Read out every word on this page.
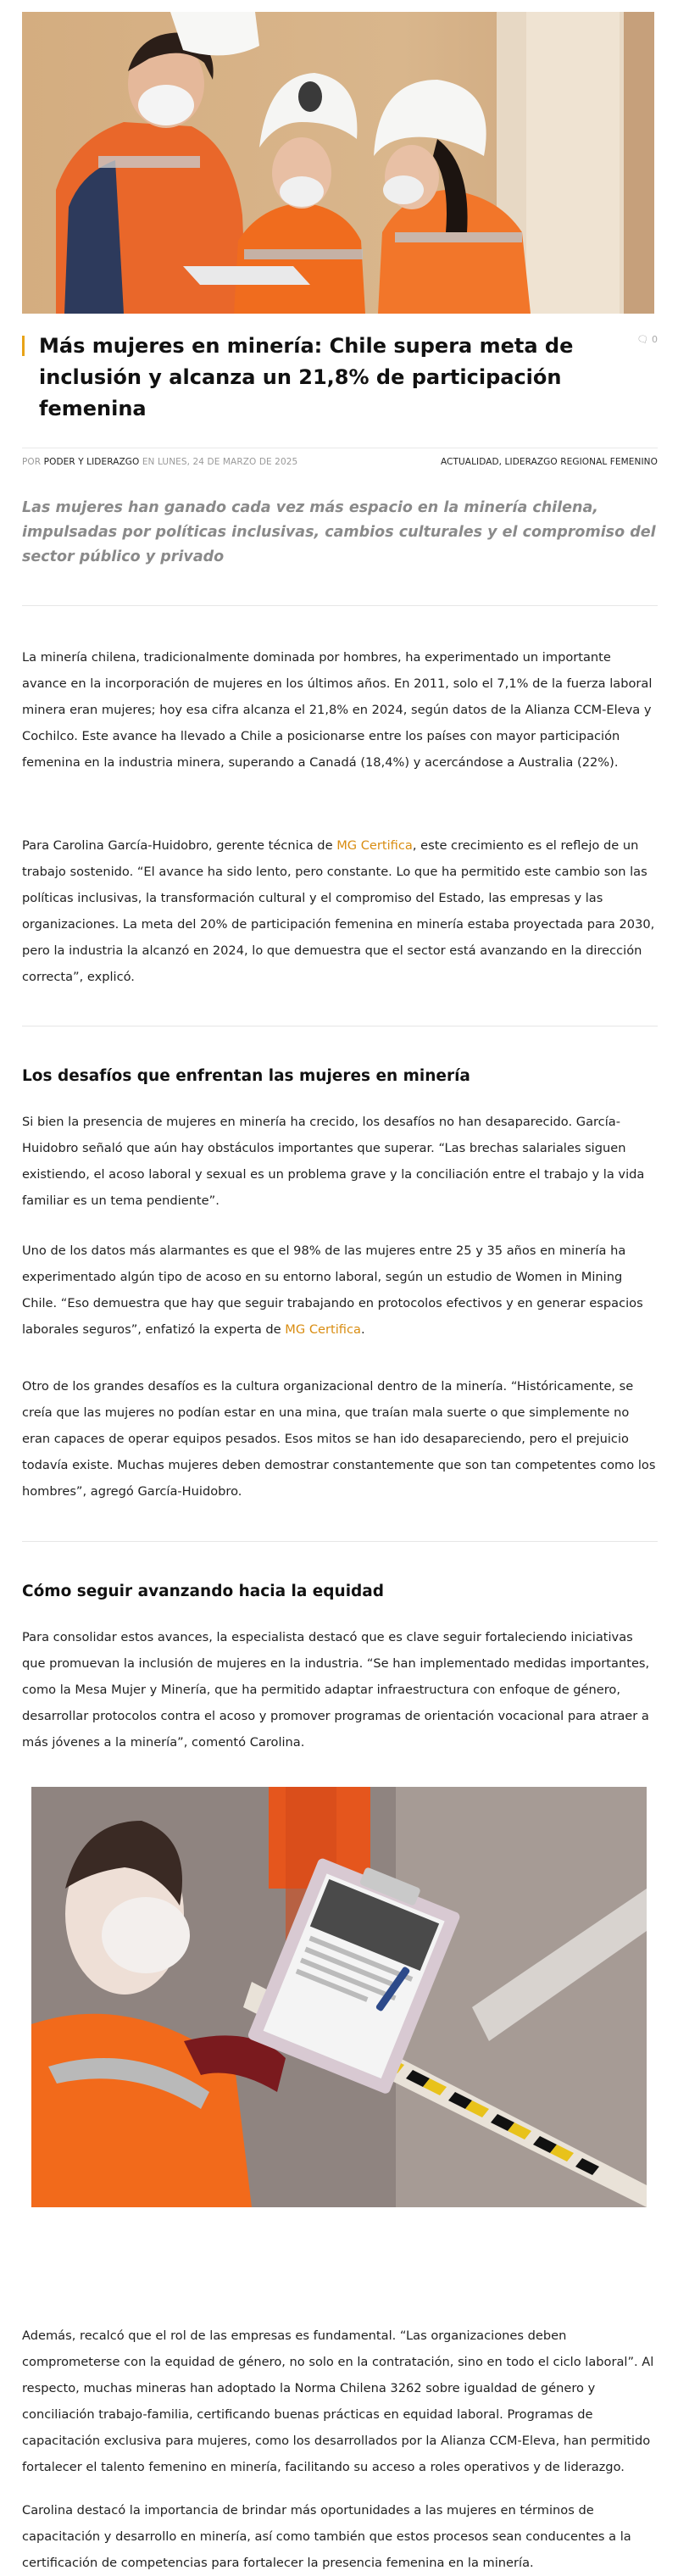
Más mujeres en minería: Chile supera meta de inclusión y alcanza un 21,8% de participación femenina
🗨 0
POR PODER Y LIDERAZGO EN LUNES, 24 DE MARZO DE 2025	ACTUALIDAD, LIDERAZGO REGIONAL FEMENINO

Las mujeres han ganado cada vez más espacio en la minería chilena, impulsadas por políticas inclusivas, cambios culturales y el compromiso del sector público y privado

La minería chilena, tradicionalmente dominada por hombres, ha experimentado un importante avance en la incorporación de mujeres en los últimos años. En 2011, solo el 7,1% de la fuerza laboral minera eran mujeres; hoy esa cifra alcanza el 21,8% en 2024, según datos de la Alianza CCM-Eleva y Cochilco. Este avance ha llevado a Chile a posicionarse entre los países con mayor participación femenina en la industria minera, superando a Canadá (18,4%) y acercándose a Australia (22%).

Para Carolina García-Huidobro, gerente técnica de MG Certifica, este crecimiento es el reflejo de un trabajo sostenido. “El avance ha sido lento, pero constante. Lo que ha permitido este cambio son las políticas inclusivas, la transformación cultural y el compromiso del Estado, las empresas y las organizaciones. La meta del 20% de participación femenina en minería estaba proyectada para 2030, pero la industria la alcanzó en 2024, lo que demuestra que el sector está avanzando en la dirección correcta”, explicó.

Los desafíos que enfrentan las mujeres en minería

Si bien la presencia de mujeres en minería ha crecido, los desafíos no han desaparecido. García-Huidobro señaló que aún hay obstáculos importantes que superar. “Las brechas salariales siguen existiendo, el acoso laboral y sexual es un problema grave y la conciliación entre el trabajo y la vida familiar es un tema pendiente”.

Uno de los datos más alarmantes es que el 98% de las mujeres entre 25 y 35 años en minería ha experimentado algún tipo de acoso en su entorno laboral, según un estudio de Women in Mining Chile. “Eso demuestra que hay que seguir trabajando en protocolos efectivos y en generar espacios laborales seguros”, enfatizó la experta de MG Certifica.

Otro de los grandes desafíos es la cultura organizacional dentro de la minería. “Históricamente, se creía que las mujeres no podían estar en una mina, que traían mala suerte o que simplemente no eran capaces de operar equipos pesados. Esos mitos se han ido desapareciendo, pero el prejuicio todavía existe. Muchas mujeres deben demostrar constantemente que son tan competentes como los hombres”, agregó García-Huidobro.

Cómo seguir avanzando hacia la equidad

Para consolidar estos avances, la especialista destacó que es clave seguir fortaleciendo iniciativas que promuevan la inclusión de mujeres en la industria. “Se han implementado medidas importantes, como la Mesa Mujer y Minería, que ha permitido adaptar infraestructura con enfoque de género, desarrollar protocolos contra el acoso y promover programas de orientación vocacional para atraer a más jóvenes a la minería”, comentó Carolina.

Además, recalcó que el rol de las empresas es fundamental. “Las organizaciones deben comprometerse con la equidad de género, no solo en la contratación, sino en todo el ciclo laboral”. Al respecto, muchas mineras han adoptado la Norma Chilena 3262 sobre igualdad de género y conciliación trabajo-familia, certificando buenas prácticas en equidad laboral. Programas de capacitación exclusiva para mujeres, como los desarrollados por la Alianza CCM-Eleva, han permitido fortalecer el talento femenino en minería, facilitando su acceso a roles operativos y de liderazgo.

Carolina destacó la importancia de brindar más oportunidades a las mujeres en términos de capacitación y desarrollo en minería, así como también que estos procesos sean conducentes a la certificación de competencias para fortalecer la presencia femenina en la minería.
